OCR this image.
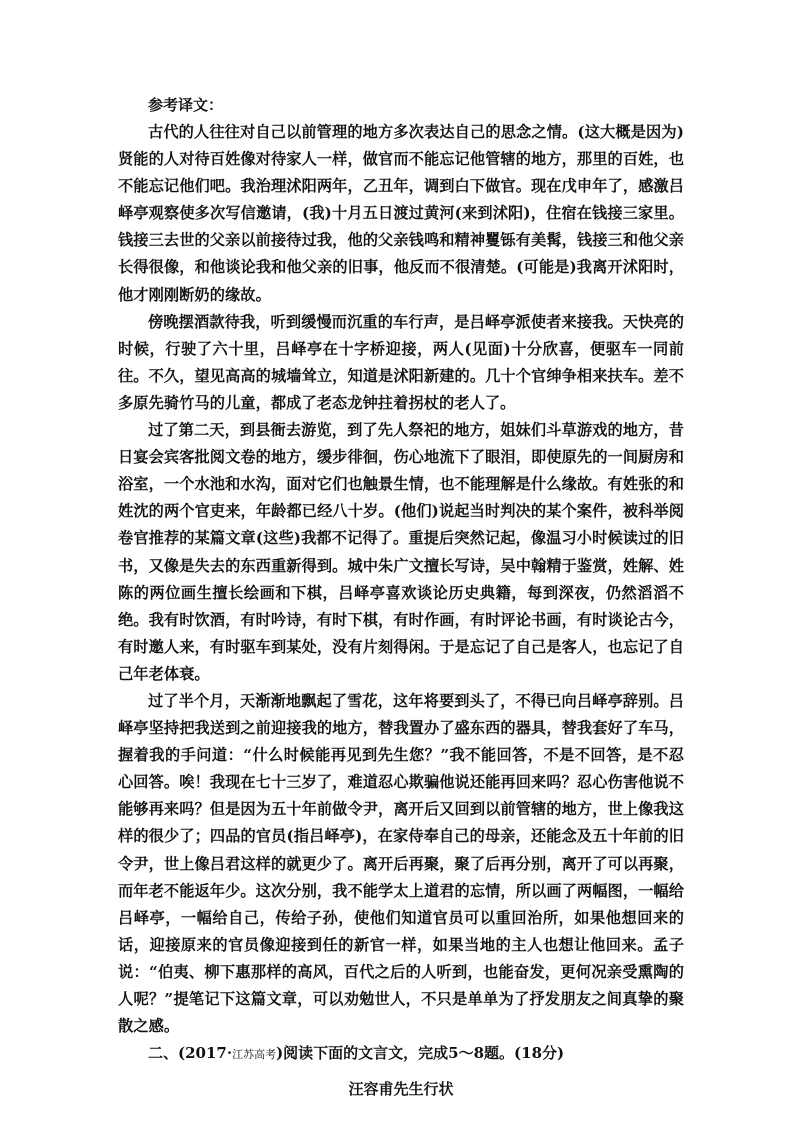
参考译文：

古代的人往往对自己以前管理的地方多次表达自己的思念之情。(这大概是因为)贤能的人对待百姓像对待家人一样，做官而不能忘记他管辖的地方，那里的百姓，也不能忘记他们吧。我治理沭阳两年，乙丑年，调到白下做官。现在戊申年了，感激吕峄亭观察使多次写信邀请，(我)十月五日渡过黄河(来到沭阳)，住宿在钱接三家里。钱接三去世的父亲以前接待过我，他的父亲钱鸣和精神矍铄有美髯，钱接三和他父亲长得很像，和他谈论我和他父亲的旧事，他反而不很清楚。(可能是)我离开沭阳时，他才刚刚断奶的缘故。

傍晚摆酒款待我，听到缓慢而沉重的车行声，是吕峄亭派使者来接我。天快亮的时候，行驶了六十里，吕峄亭在十字桥迎接，两人(见面)十分欣喜，便驱车一同前往。不久，望见高高的城墙耸立，知道是沭阳新建的。几十个官绅争相来扶车。差不多原先骑竹马的儿童，都成了老态龙钟拄着拐杖的老人了。

过了第二天，到县衙去游览，到了先人祭祀的地方，姐妹们斗草游戏的地方，昔日宴会宾客批阅文卷的地方，缓步徘徊，伤心地流下了眼泪，即使原先的一间厨房和浴室，一个水池和水沟，面对它们也触景生情，也不能理解是什么缘故。有姓张的和姓沈的两个官吏来，年龄都已经八十岁。(他们)说起当时判决的某个案件，被科举阅卷官推荐的某篇文章(这些)我都不记得了。重提后突然记起，像温习小时候读过的旧书，又像是失去的东西重新得到。城中朱广文擅长写诗，吴中翰精于鉴赏，姓解、姓陈的两位画生擅长绘画和下棋，吕峄亭喜欢谈论历史典籍，每到深夜，仍然滔滔不绝。我有时饮酒，有时吟诗，有时下棋，有时作画，有时评论书画，有时谈论古今，有时邀人来，有时驱车到某处，没有片刻得闲。于是忘记了自己是客人，也忘记了自己年老体衰。

过了半个月，天渐渐地飘起了雪花，这年将要到头了，不得已向吕峄亭辞别。吕峄亭坚持把我送到之前迎接我的地方，替我置办了盛东西的器具，替我套好了车马，握着我的手问道：“什么时候能再见到先生您？”我不能回答，不是不回答，是不忍心回答。唉！我现在七十三岁了，难道忍心欺骗他说还能再回来吗？忍心伤害他说不能够再来吗？但是因为五十年前做令尹，离开后又回到以前管辖的地方，世上像我这样的很少了；四品的官员(指吕峄亭)，在家侍奉自己的母亲，还能念及五十年前的旧令尹，世上像吕君这样的就更少了。离开后再聚，聚了后再分别，离开了可以再聚，而年老不能返年少。这次分别，我不能学太上道君的忘情，所以画了两幅图，一幅给吕峄亭，一幅给自己，传给子孙，使他们知道官员可以重回治所，如果他想回来的话，迎接原来的官员像迎接到任的新官一样，如果当地的主人也想让他回来。孟子说：“伯夷、柳下惠那样的高风，百代之后的人听到，也能奋发，更何况亲受熏陶的人呢？”提笔记下这篇文章，可以劝勉世人，不只是单单为了抒发朋友之间真挚的聚散之感。

二、(2017·江苏高考)阅读下面的文言文，完成5～8题。(18分)

汪容甫先生行状
